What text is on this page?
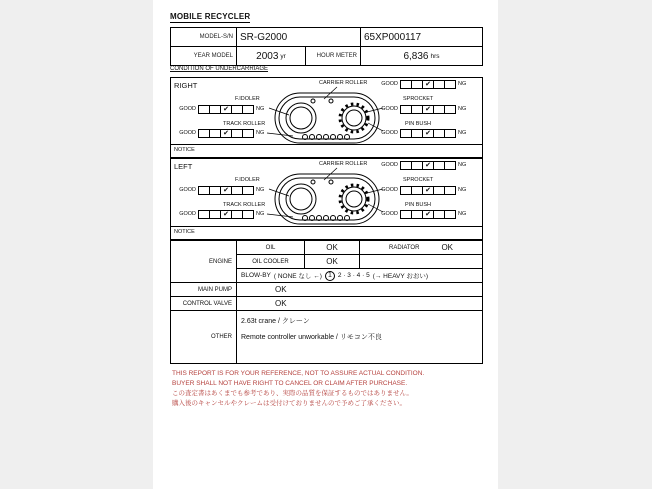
MOBILE RECYCLER
MODEL-S/N SR-G2000	65XP000117
YEAR MODEL	2003 yr	HOUR METER	6,836 hrs
CONDITION OF UNDERCARRIAGE
RIGHT	CARRIER ROLLER	GOOD	✔	NG
F.IDOLER
GOOD	✔	NG
SPROCKET
GOOD	✔	NG
TRACK ROLLER
GOOD	✔	NG
PIN BUSH
GOOD	✔	NG
NOTICE
LEFT	CARRIER ROLLER	GOOD	✔	NG
F.IDOLER
GOOD	✔	NG
SPROCKET
GOOD	✔	NG
TRACK ROLLER
GOOD	✔	NG
PIN BUSH
GOOD	✔	NG
NOTICE
ENGINE
OIL	OK	RADIATOR	OK
OIL COOLER	OK
BLOW-BY ( NONE なし ←) 1 2 · 3 · 4 · 5 (→ HEAVY おおい)
MAIN PUMP	OK
CONTROL VALVE	OK
OTHER
2.63t crane / クレーン
Remote controller unworkable / リモコン不良
THIS REPORT IS FOR YOUR REFERENCE, NOT TO ASSURE ACTUAL CONDITION.
BUYER SHALL NOT HAVE RIGHT TO CANCEL OR CLAIM AFTER PURCHASE.
この査定書はあくまでも参考であり、実際の品質を保証するものではありません。
購入後のキャンセルやクレームは受付けておりませんので予めご了承ください。
